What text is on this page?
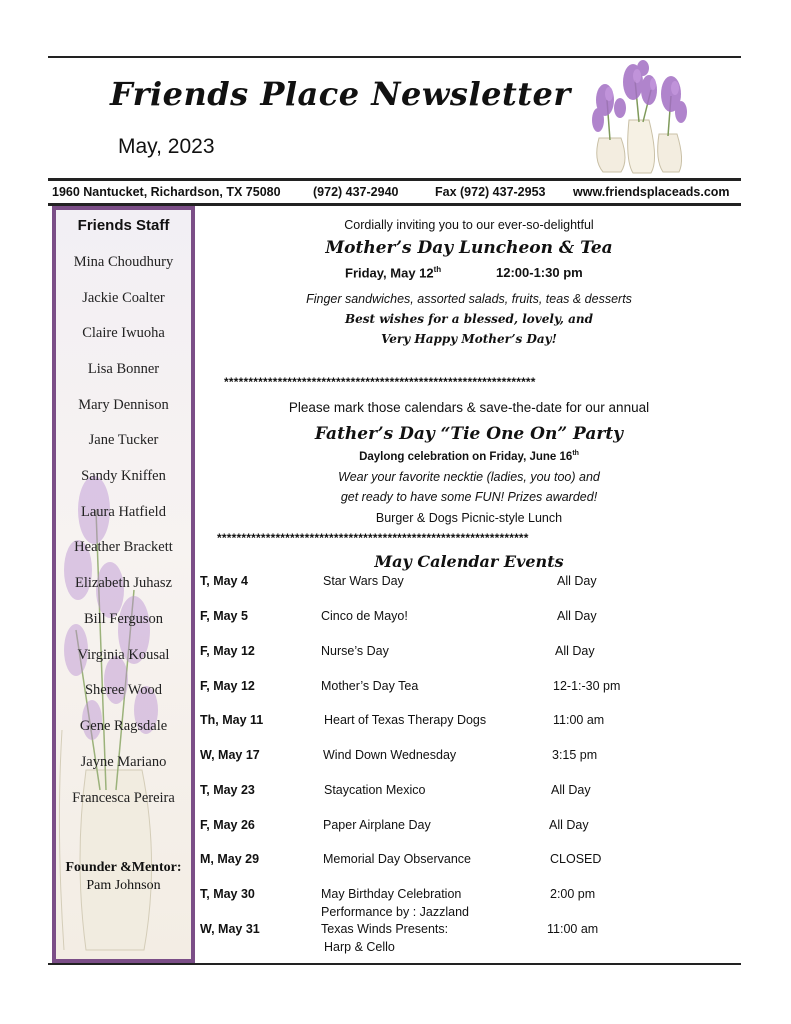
Friends Place Newsletter
May, 2023
1960 Nantucket, Richardson, TX 75080	(972) 437-2940	Fax (972) 437-2953 www.friendsplaceads.com
Friends Staff
Mina Choudhury
Jackie Coalter
Claire Iwuoha
Lisa Bonner
Mary Dennison
Jane Tucker
Sandy Kniffen
Laura Hatfield
Heather Brackett
Elizabeth Juhasz
Bill Ferguson
Virginia Kousal
Sheree Wood
Gene Ragsdale
Jayne Mariano
Francesca Pereira
Founder &Mentor:
Pam Johnson
Cordially inviting you to our ever-so-delightful
Mother’s Day Luncheon & Tea
Friday, May 12th	12:00-1:30 pm
Finger sandwiches, assorted salads, fruits, teas & desserts
Best wishes for a blessed, lovely, and
Very Happy Mother’s Day!
****************************************************************
Please mark those calendars & save-the-date for our annual
Father’s Day “Tie One On” Party
Daylong celebration on Friday, June 16th
Wear your favorite necktie (ladies, you too) and
get ready to have some FUN! Prizes awarded!
Burger & Dogs Picnic-style Lunch
****************************************************************
May Calendar Events
T, May 4	Star Wars Day	All Day
F, May 5	Cinco de Mayo!	All Day
F, May 12	Nurse’s Day	All Day
F, May 12	Mother’s Day Tea	12-1:-30 pm
Th, May 11	Heart of Texas Therapy Dogs	11:00 am
W, May 17	Wind Down Wednesday	3:15 pm
T, May 23	Staycation Mexico	All Day
F, May 26	Paper Airplane Day	All Day
M, May 29	Memorial Day Observance	CLOSED
T, May 30	May Birthday Celebration	2:00 pm
Performance by : Jazzland
W, May 31	Texas Winds Presents:	11:00 am
Harp & Cello
